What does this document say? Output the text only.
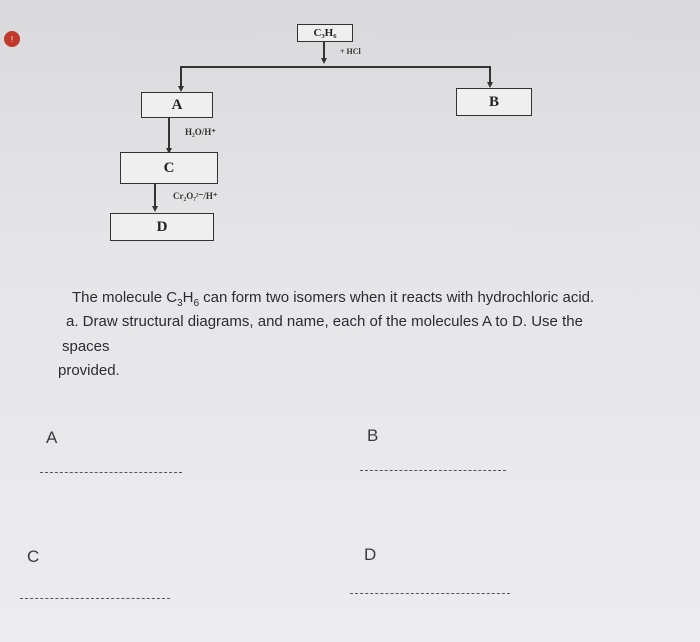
!	C₃H₆
+ HCl
A	B
H₂O/H⁺
C
Cr₂O₇²⁻/H⁺
D
The molecule $C_3H_6$ can form two isomers when it reacts with hydrochloric acid.
a. Draw structural diagrams, and name, each of the molecules A to D. Use the
spaces
provided.
A	B
C	D
